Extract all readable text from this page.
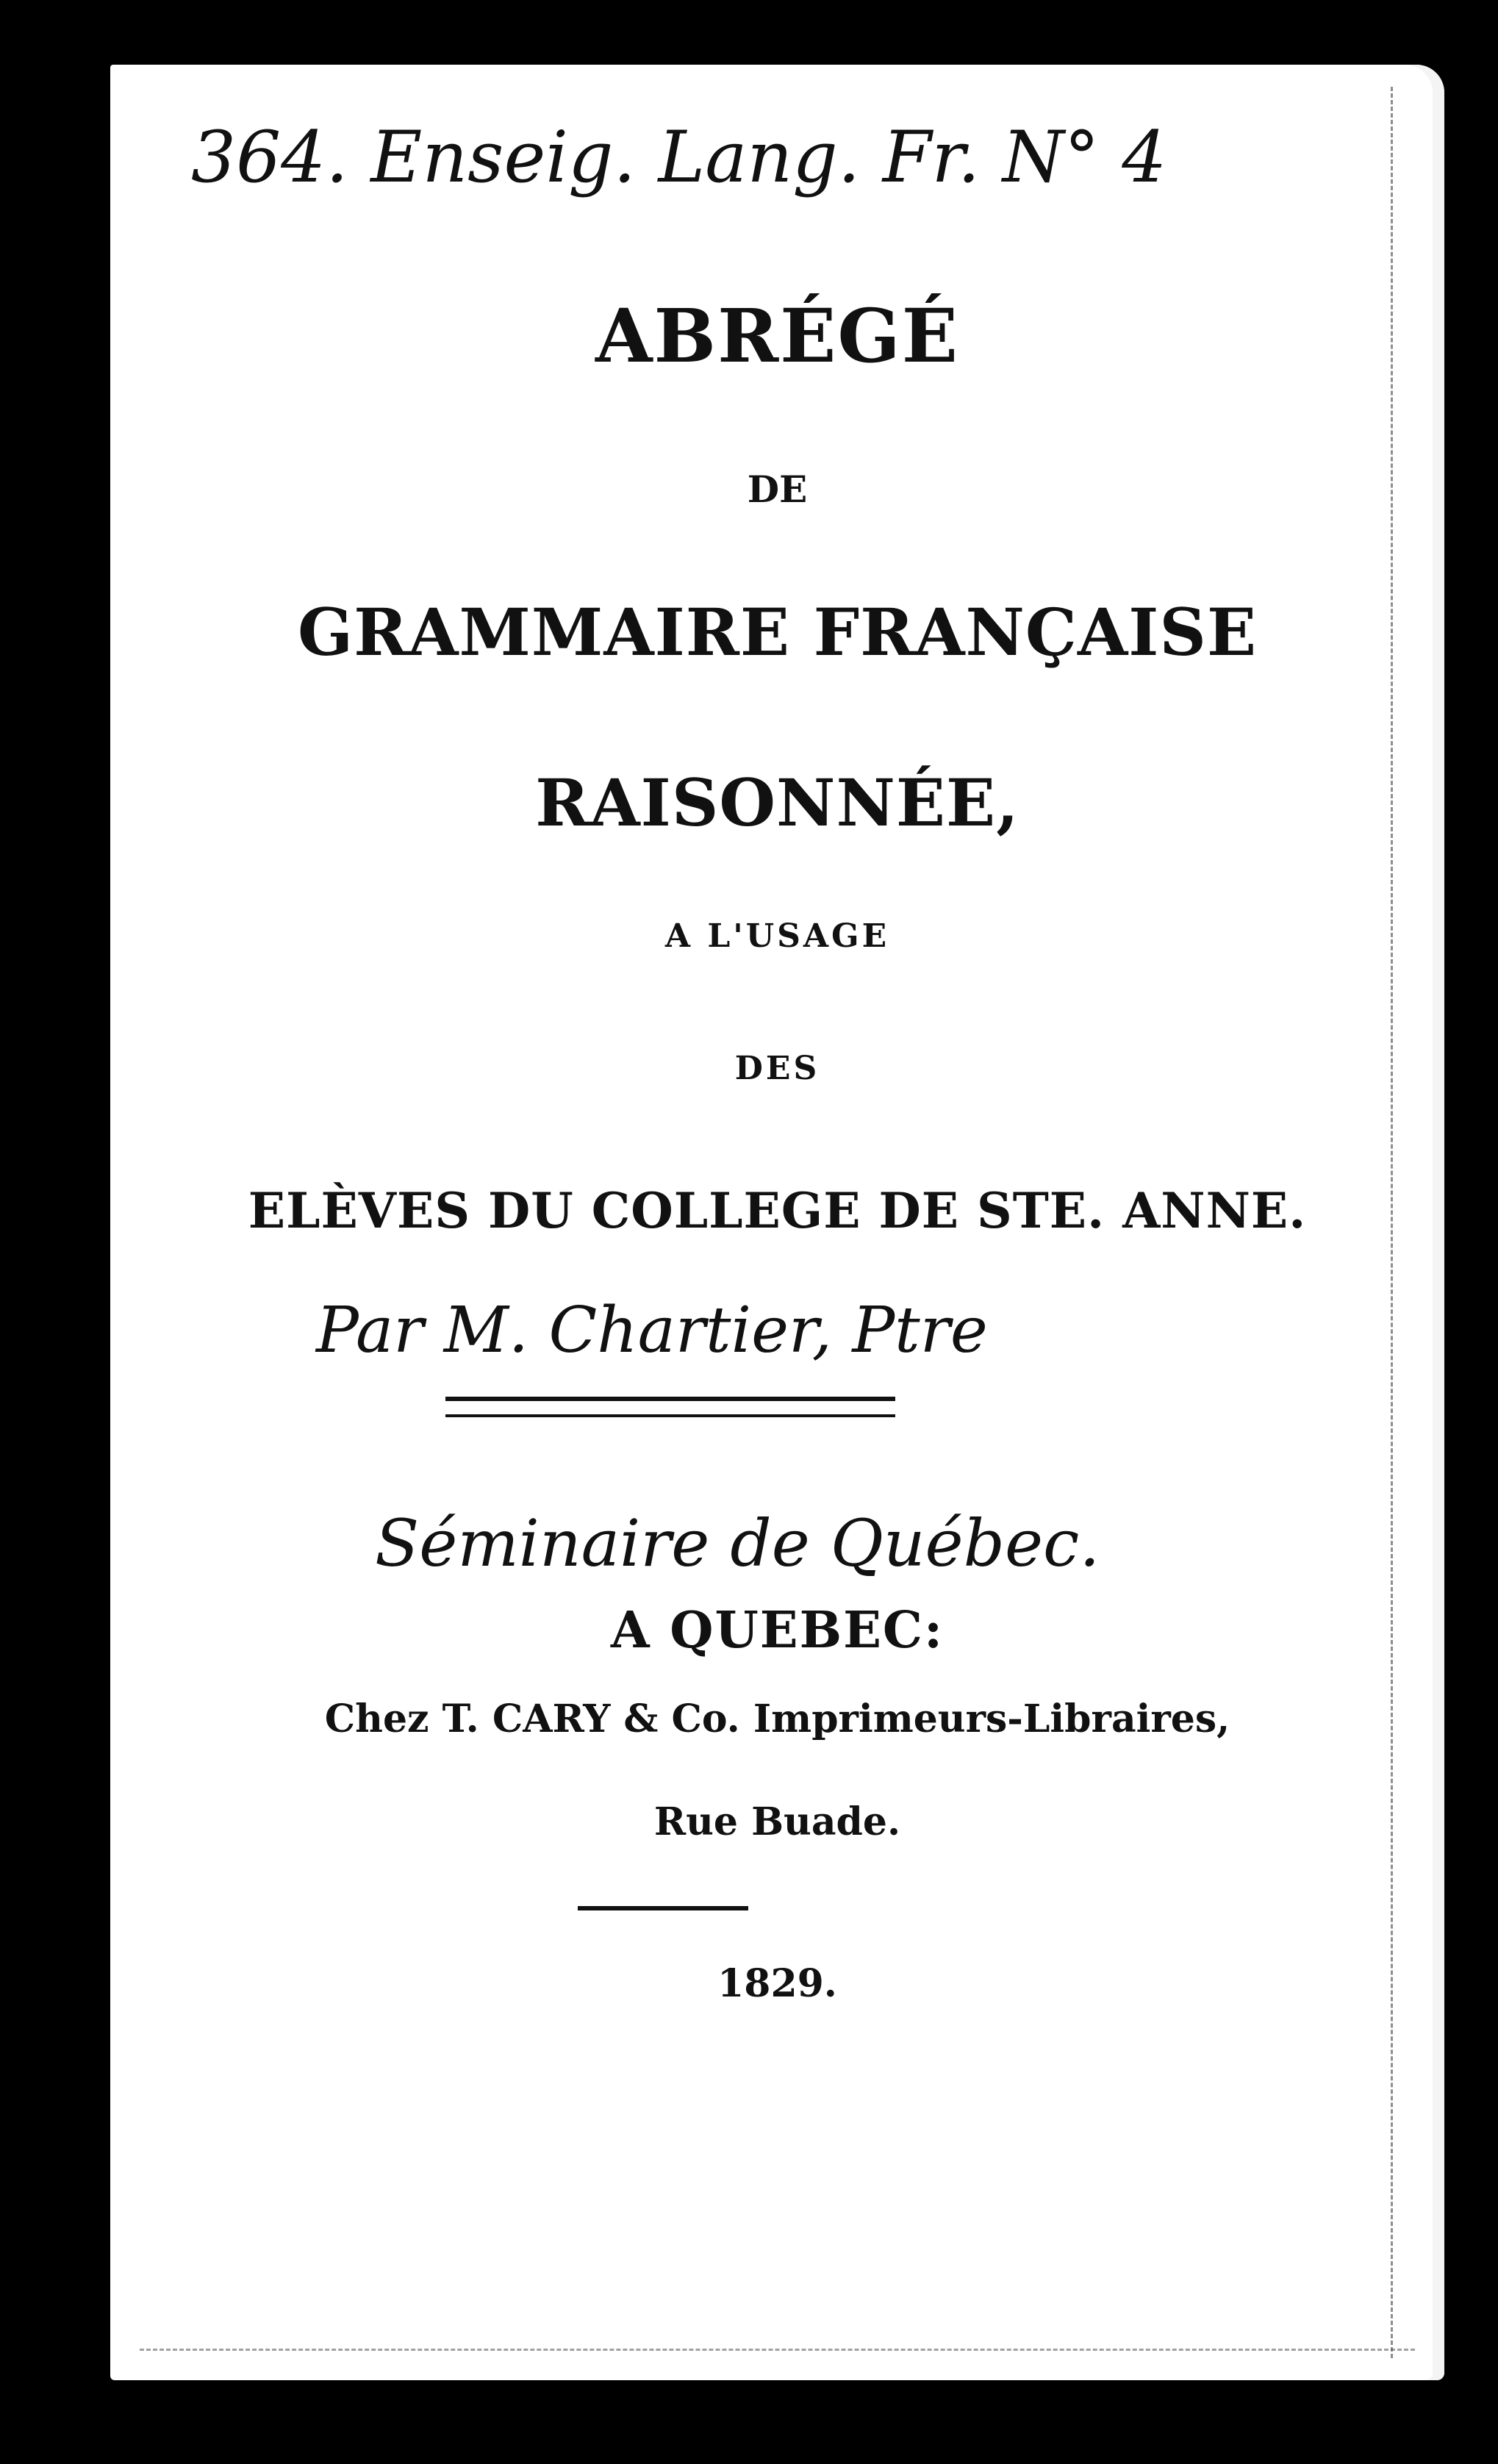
364. Enseig. Lang. Fr. N° 4
ABRÉGÉ
DE
GRAMMAIRE FRANÇAISE
RAISONNÉE,
A L'USAGE
DES
ELÈVES DU COLLEGE DE STE. ANNE.
Par M. Chartier, Ptre
Séminaire de Québec.
A QUEBEC:
Chez T. CARY & Co. Imprimeurs-Libraires,
Rue Buade.
1829.
